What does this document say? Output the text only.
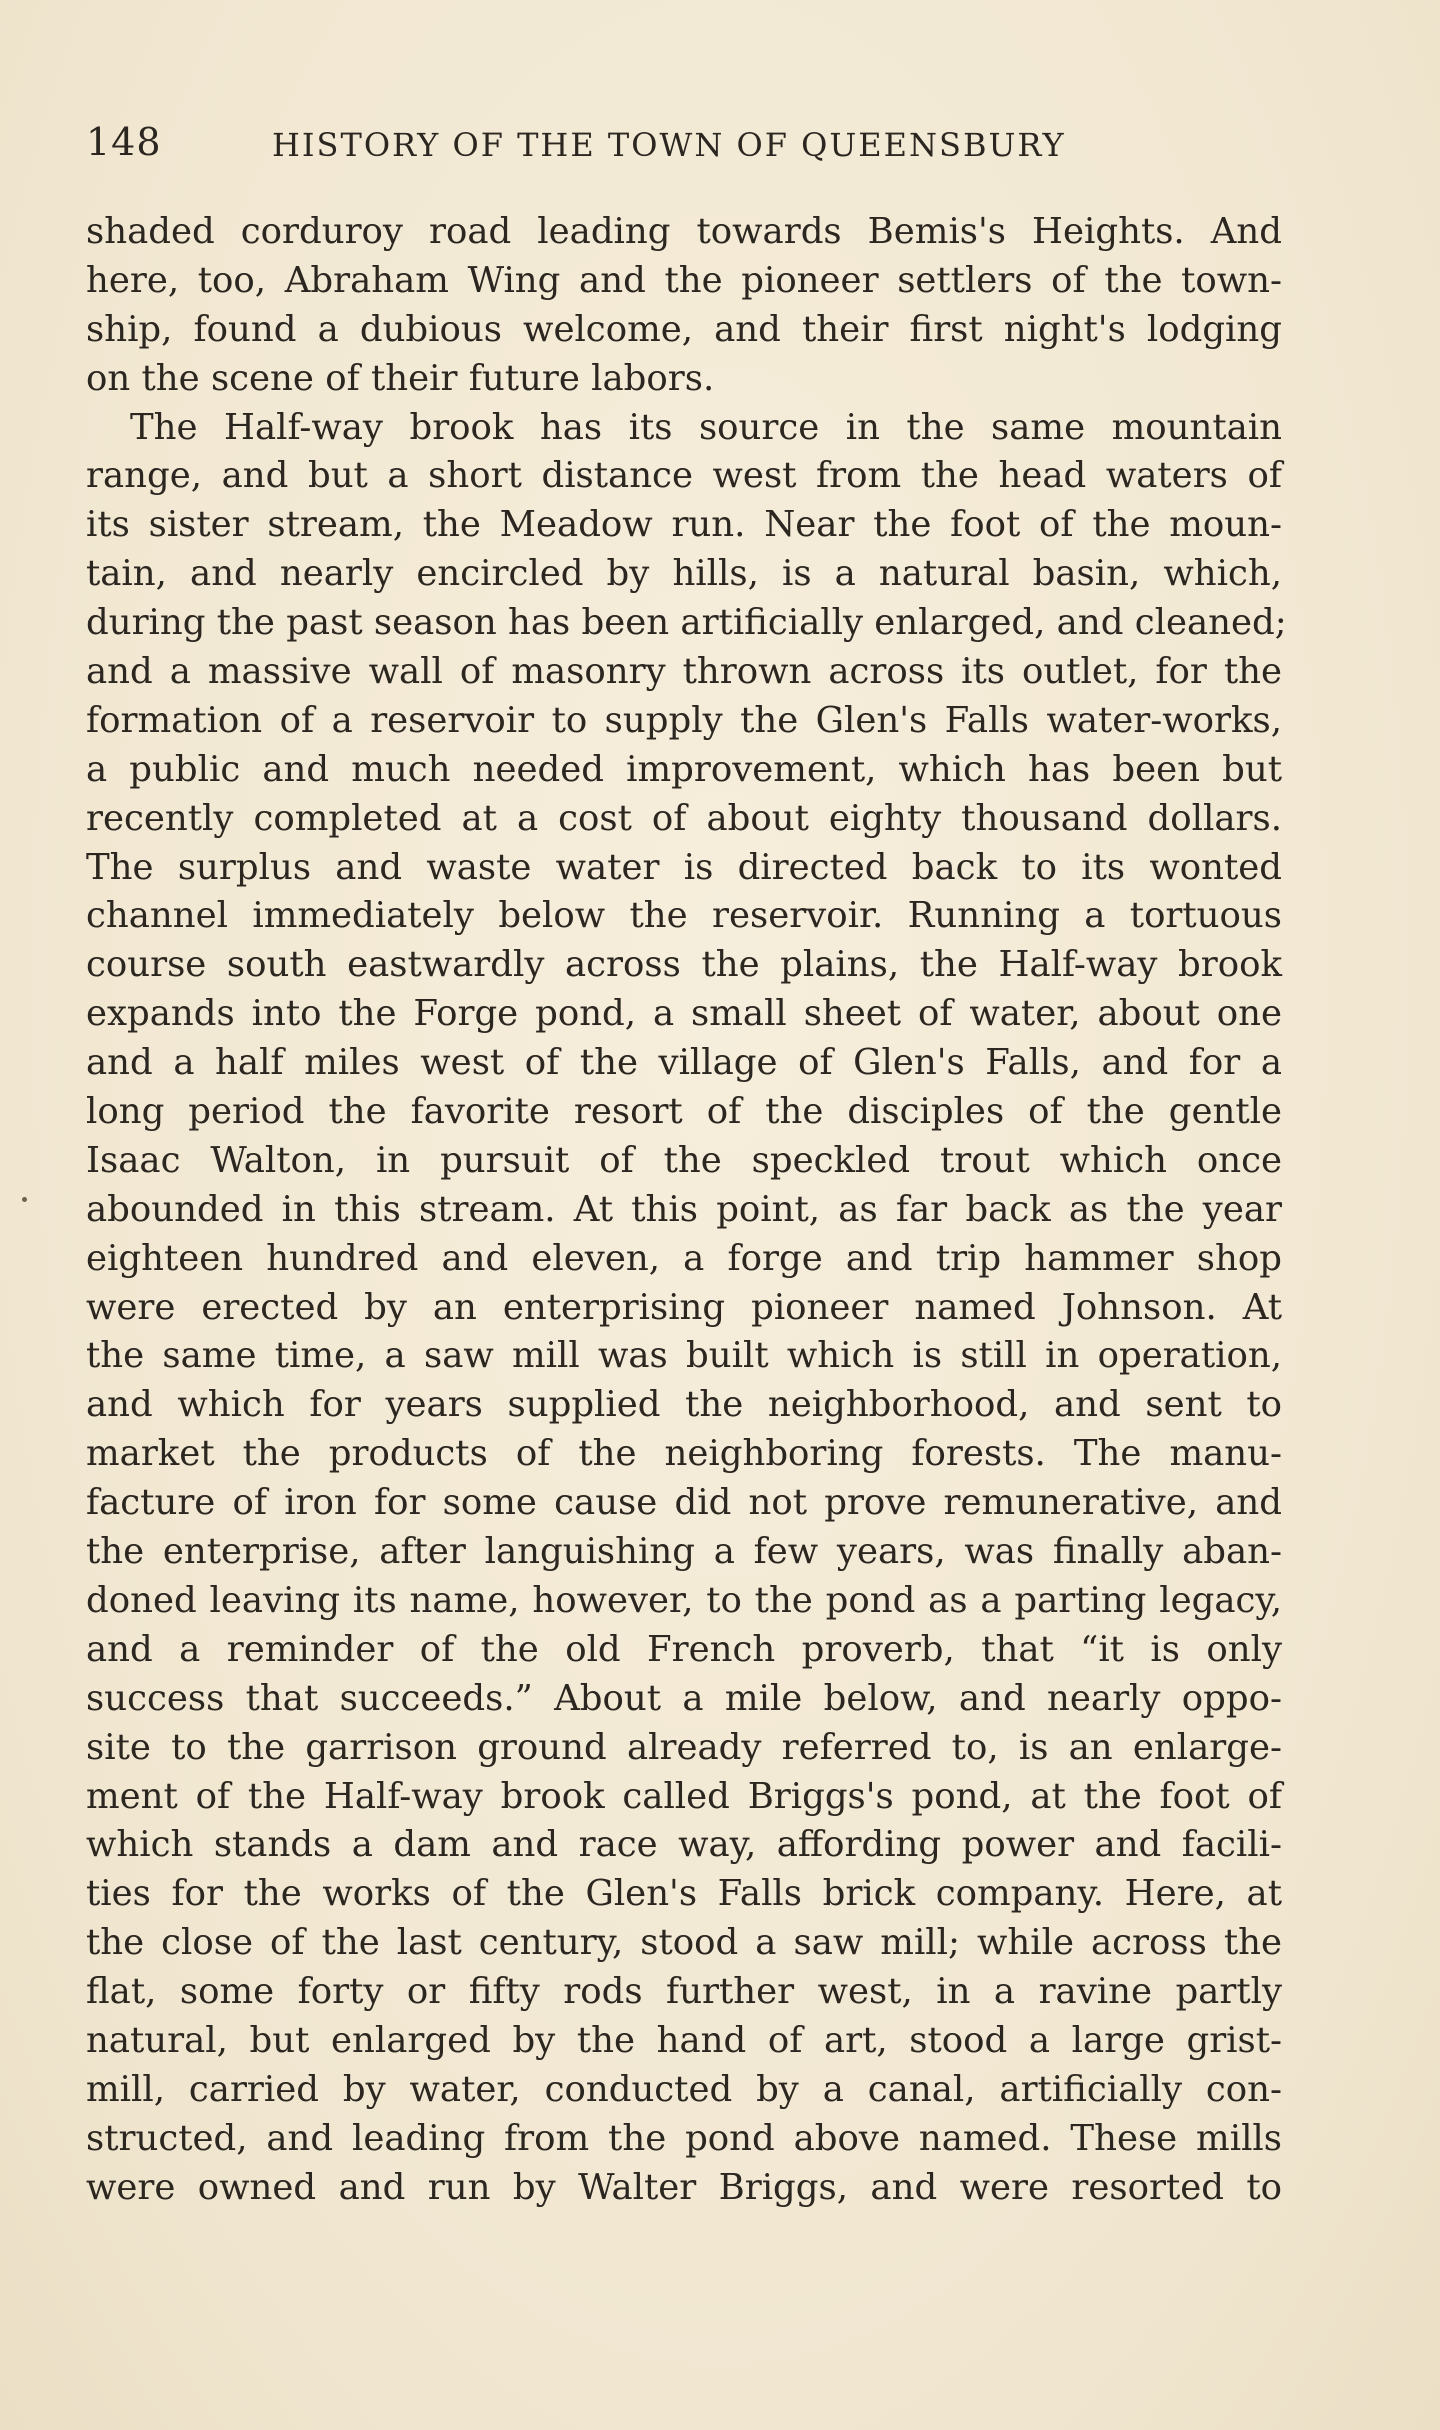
148	HISTORY OF THE TOWN OF QUEENSBURY
shaded corduroy road leading towards Bemis's Heights. And
here, too, Abraham Wing and the pioneer settlers of the town-
ship, found a dubious welcome, and their first night's lodging
on the scene of their future labors.
The Half-way brook has its source in the same mountain
range, and but a short distance west from the head waters of
its sister stream, the Meadow run. Near the foot of the moun-
tain, and nearly encircled by hills, is a natural basin, which,
during the past season has been artificially enlarged, and cleaned;
and a massive wall of masonry thrown across its outlet, for the
formation of a reservoir to supply the Glen's Falls water-works,
a public and much needed improvement, which has been but
recently completed at a cost of about eighty thousand dollars.
The surplus and waste water is directed back to its wonted
channel immediately below the reservoir. Running a tortuous
course south eastwardly across the plains, the Half-way brook
expands into the Forge pond, a small sheet of water, about one
and a half miles west of the village of Glen's Falls, and for a
long period the favorite resort of the disciples of the gentle
Isaac Walton, in pursuit of the speckled trout which once
abounded in this stream. At this point, as far back as the year
eighteen hundred and eleven, a forge and trip hammer shop
were erected by an enterprising pioneer named Johnson. At
the same time, a saw mill was built which is still in operation,
and which for years supplied the neighborhood, and sent to
market the products of the neighboring forests. The manu-
facture of iron for some cause did not prove remunerative, and
the enterprise, after languishing a few years, was finally aban-
doned leaving its name, however, to the pond as a parting legacy,
and a reminder of the old French proverb, that “it is only
success that succeeds.” About a mile below, and nearly oppo-
site to the garrison ground already referred to, is an enlarge-
ment of the Half-way brook called Briggs's pond, at the foot of
which stands a dam and race way, affording power and facili-
ties for the works of the Glen's Falls brick company. Here, at
the close of the last century, stood a saw mill; while across the
flat, some forty or fifty rods further west, in a ravine partly
natural, but enlarged by the hand of art, stood a large grist-
mill, carried by water, conducted by a canal, artificially con-
structed, and leading from the pond above named. These mills
were owned and run by Walter Briggs, and were resorted to
